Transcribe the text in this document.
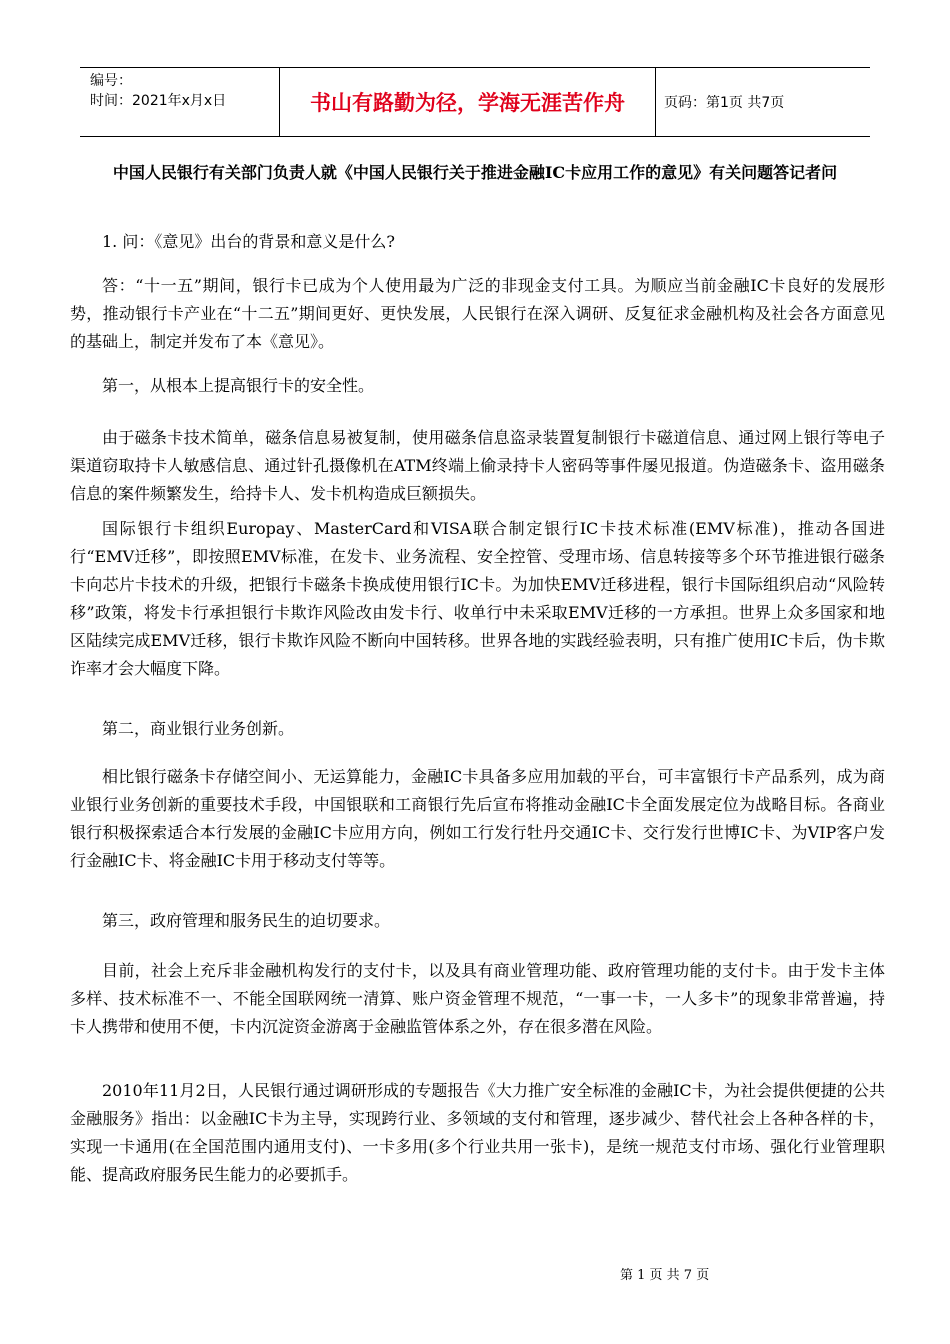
编号：
时间：2021年x月x日	书山有路勤为径，学海无涯苦作舟	页码：第1页 共7页
中国人民银行有关部门负责人就《中国人民银行关于推进金融IC卡应用工作的意见》有关问题答记者问

1. 问：《意见》出台的背景和意义是什么?

答：“十一五”期间，银行卡已成为个人使用最为广泛的非现金支付工具。为顺应当前金融IC卡良好的发展形势，推动银行卡产业在“十二五”期间更好、更快发展，人民银行在深入调研、反复征求金融机构及社会各方面意见的基础上，制定并发布了本《意见》。

第一，从根本上提高银行卡的安全性。

由于磁条卡技术简单，磁条信息易被复制，使用磁条信息盗录装置复制银行卡磁道信息、通过网上银行等电子渠道窃取持卡人敏感信息、通过针孔摄像机在ATM终端上偷录持卡人密码等事件屡见报道。伪造磁条卡、盗用磁条信息的案件频繁发生，给持卡人、发卡机构造成巨额损失。

国际银行卡组织Europay、MasterCard和VISA联合制定银行IC卡技术标准(EMV标准)，推动各国进行“EMV迁移”，即按照EMV标准，在发卡、业务流程、安全控管、受理市场、信息转接等多个环节推进银行磁条卡向芯片卡技术的升级，把银行卡磁条卡换成使用银行IC卡。为加快EMV迁移进程，银行卡国际组织启动“风险转移”政策，将发卡行承担银行卡欺诈风险改由发卡行、收单行中未采取EMV迁移的一方承担。世界上众多国家和地区陆续完成EMV迁移，银行卡欺诈风险不断向中国转移。世界各地的实践经验表明，只有推广使用IC卡后，伪卡欺诈率才会大幅度下降。

第二，商业银行业务创新。

相比银行磁条卡存储空间小、无运算能力，金融IC卡具备多应用加载的平台，可丰富银行卡产品系列，成为商业银行业务创新的重要技术手段，中国银联和工商银行先后宣布将推动金融IC卡全面发展定位为战略目标。各商业银行积极探索适合本行发展的金融IC卡应用方向，例如工行发行牡丹交通IC卡、交行发行世博IC卡、为VIP客户发行金融IC卡、将金融IC卡用于移动支付等等。

第三，政府管理和服务民生的迫切要求。

目前，社会上充斥非金融机构发行的支付卡，以及具有商业管理功能、政府管理功能的支付卡。由于发卡主体多样、技术标准不一、不能全国联网统一清算、账户资金管理不规范，“一事一卡，一人多卡”的现象非常普遍，持卡人携带和使用不便，卡内沉淀资金游离于金融监管体系之外，存在很多潜在风险。

2010年11月2日，人民银行通过调研形成的专题报告《大力推广安全标准的金融IC卡，为社会提供便捷的公共金融服务》指出：以金融IC卡为主导，实现跨行业、多领域的支付和管理，逐步减少、替代社会上各种各样的卡，实现一卡通用(在全国范围内通用支付)、一卡多用(多个行业共用一张卡)，是统一规范支付市场、强化行业管理职能、提高政府服务民生能力的必要抓手。

第 1 页 共 7 页
